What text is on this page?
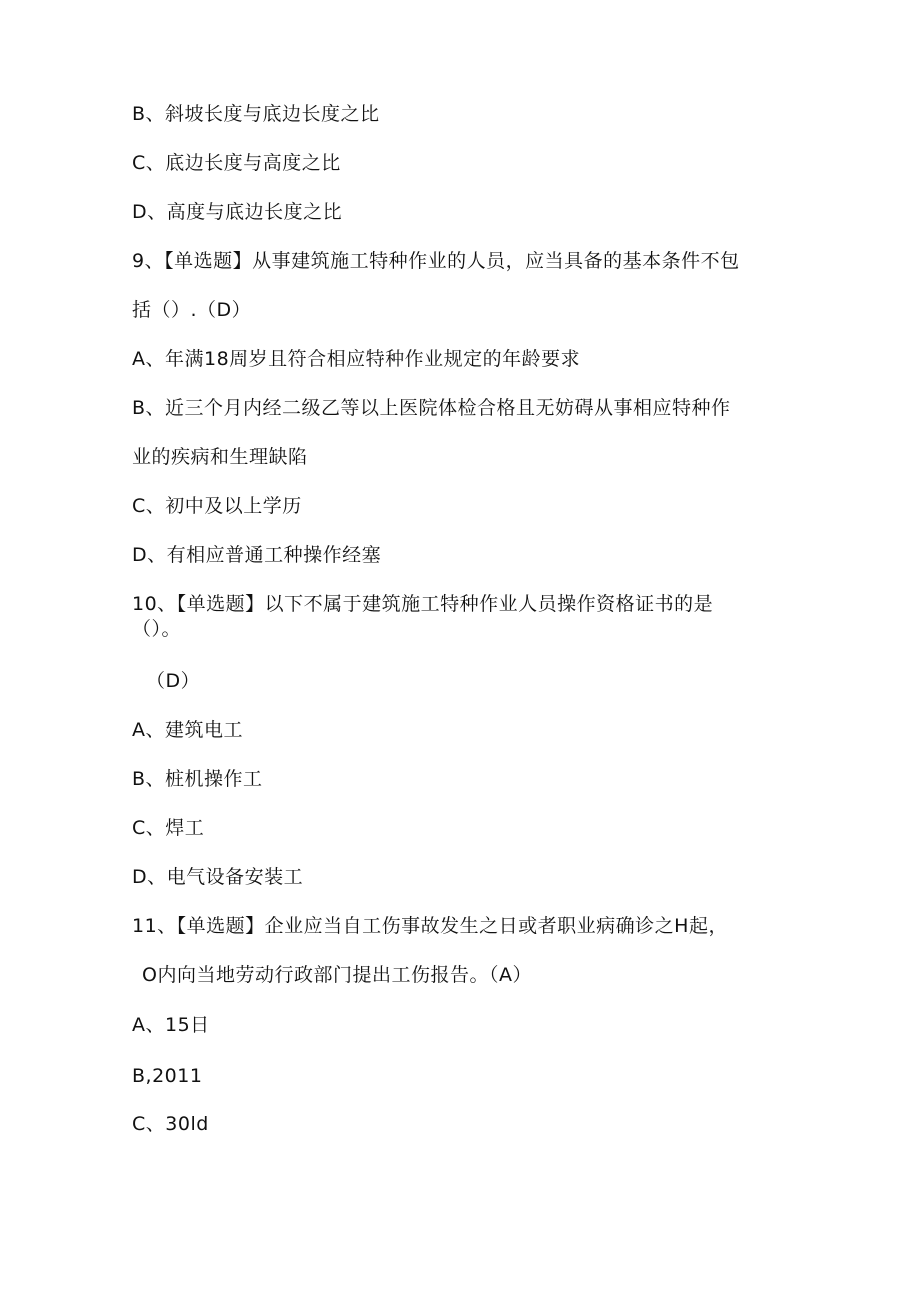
B、斜坡长度与底边长度之比
C、底边长度与高度之比
D、高度与底边长度之比
9、【单选题】从事建筑施工特种作业的人员，应当具备的基本条件不包
括（）.（D）
A、年满18周岁且符合相应特种作业规定的年龄要求
B、近三个月内经二级乙等以上医院体检合格且无妨碍从事相应特种作
业的疾病和生理缺陷
C、初中及以上学历
D、有相应普通工种操作经塞
10、【单选题】以下不属于建筑施工特种作业人员操作资格证书的是
（）。
（D）
A、建筑电工
B、桩机操作工
C、焊工
D、电气设备安装工
11、【单选题】企业应当自工伤事故发生之日或者职业病确诊之H起，
O内向当地劳动行政部门提出工伤报告。（A）
A、15日
B,2011
C、30ld
